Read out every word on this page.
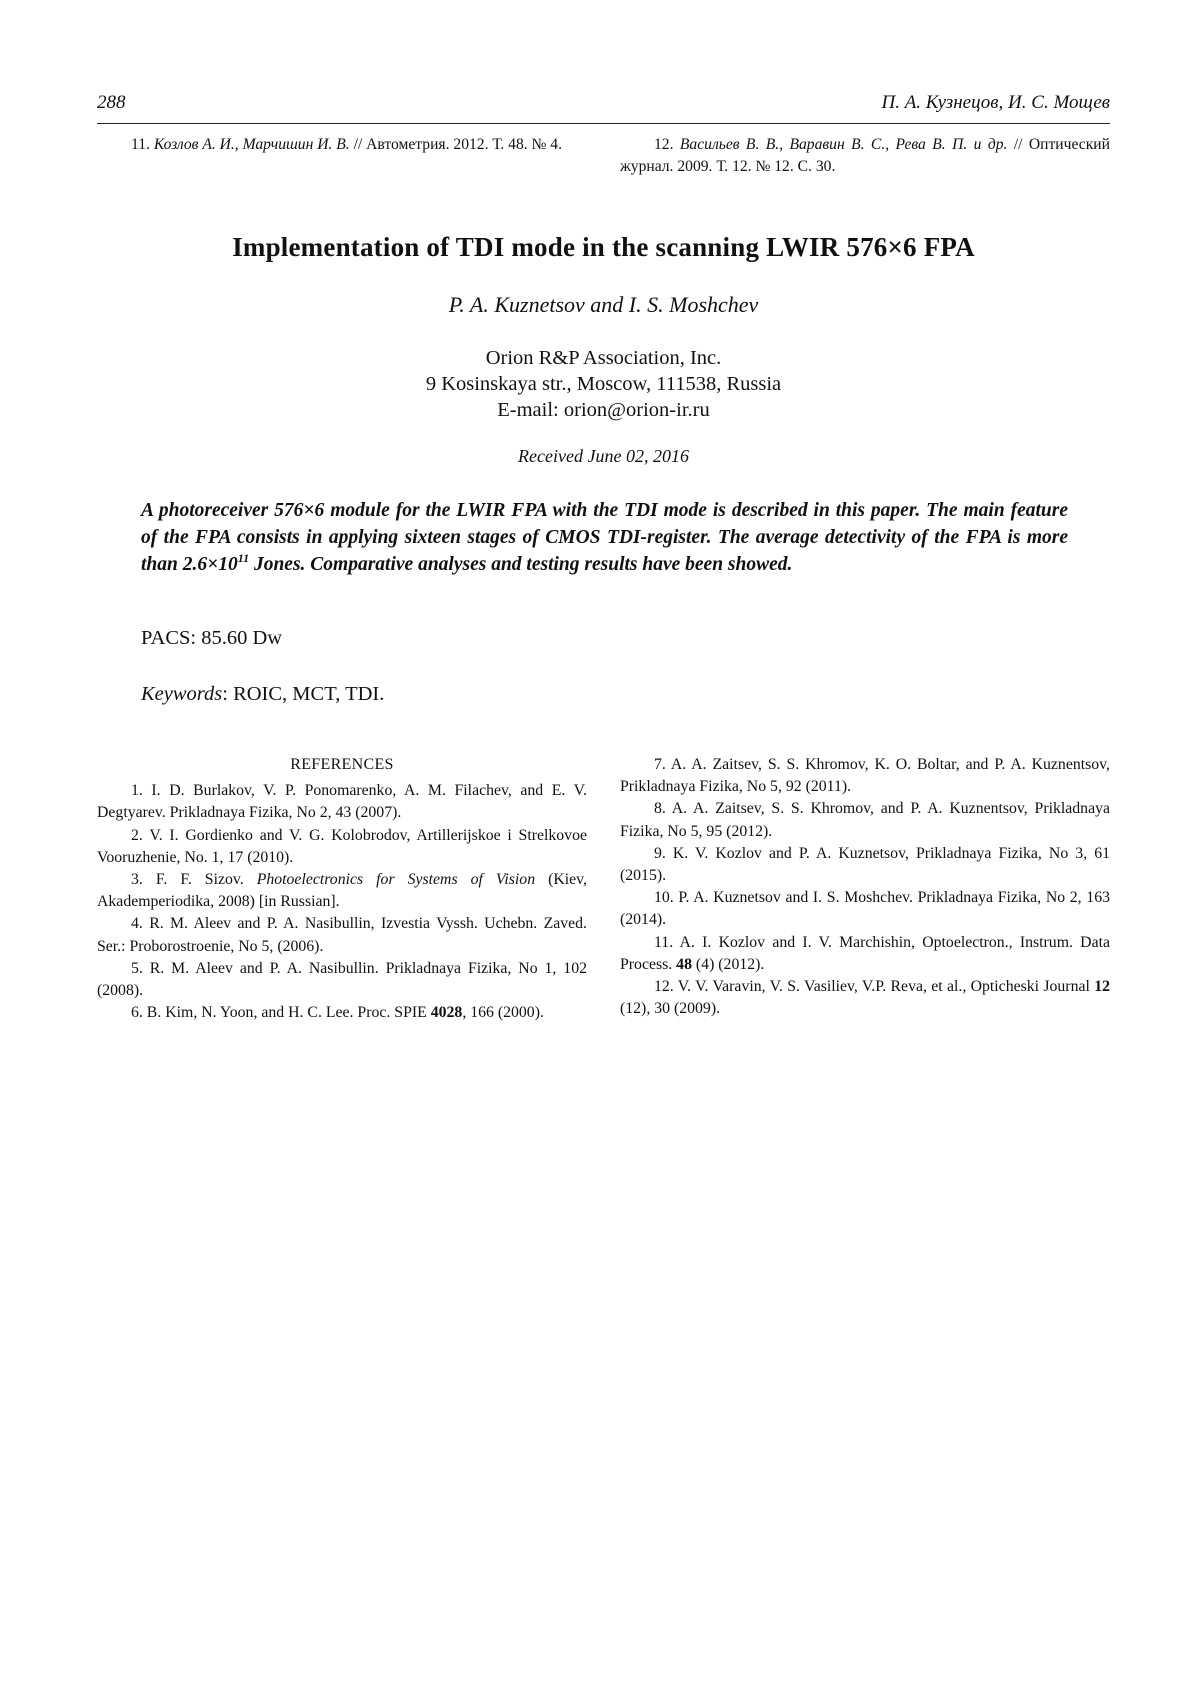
288	П. А. Кузнецов, И. С. Мощев
11. Козлов А. И., Марчишин И. В. // Автометрия. 2012. Т. 48. № 4.	12. Васильев В. В., Варавин В. С., Рева В. П. и др. // Оптический журнал. 2009. Т. 12. № 12. С. 30.
Implementation of TDI mode in the scanning LWIR 576×6 FPA
P. A. Kuznetsov and I. S. Moshchev
Orion R&P Association, Inc.
9 Kosinskaya str., Moscow, 111538, Russia
E-mail: orion@orion-ir.ru
Received June 02, 2016
A photoreceiver 576×6 module for the LWIR FPA with the TDI mode is described in this paper. The main feature of the FPA consists in applying sixteen stages of CMOS TDI-register. The average detectivity of the FPA is more than $2.6\times 10^{11}$ Jones. Comparative analyses and testing results have been showed.
PACS: 85.60 Dw
Keywords: ROIC, MCT, TDI.
REFERENCES
1. I. D. Burlakov, V. P. Ponomarenko, A. M. Filachev, and E. V. Degtyarev. Prikladnaya Fizika, No 2, 43 (2007).
2. V. I. Gordienko and V. G. Kolobrodov, Artillerijskoe i Strelkovoe Vooruzhenie, No. 1, 17 (2010).
3. F. F. Sizov. Photoelectronics for Systems of Vision (Kiev, Akademperiodika, 2008) [in Russian].
4. R. M. Aleev and P. A. Nasibullin, Izvestia Vyssh. Uchebn. Zaved. Ser.: Proborostroenie, No 5, (2006).
5. R. M. Aleev and P. A. Nasibullin. Prikladnaya Fizika, No 1, 102 (2008).
6. B. Kim, N. Yoon, and H. C. Lee. Proc. SPIE 4028, 166 (2000).
7. A. A. Zaitsev, S. S. Khromov, K. O. Boltar, and P. A. Kuznentsov, Prikladnaya Fizika, No 5, 92 (2011).
8. A. A. Zaitsev, S. S. Khromov, and P. A. Kuznentsov, Prikladnaya Fizika, No 5, 95 (2012).
9. K. V. Kozlov and P. A. Kuznetsov, Prikladnaya Fizika, No 3, 61 (2015).
10. P. A. Kuznetsov and I. S. Moshchev. Prikladnaya Fizika, No 2, 163 (2014).
11. A. I. Kozlov and I. V. Marchishin, Optoelectron., Instrum. Data Process. 48 (4) (2012).
12. V. V. Varavin, V. S. Vasiliev, V.P. Reva, et al., Opticheski Journal 12 (12), 30 (2009).
